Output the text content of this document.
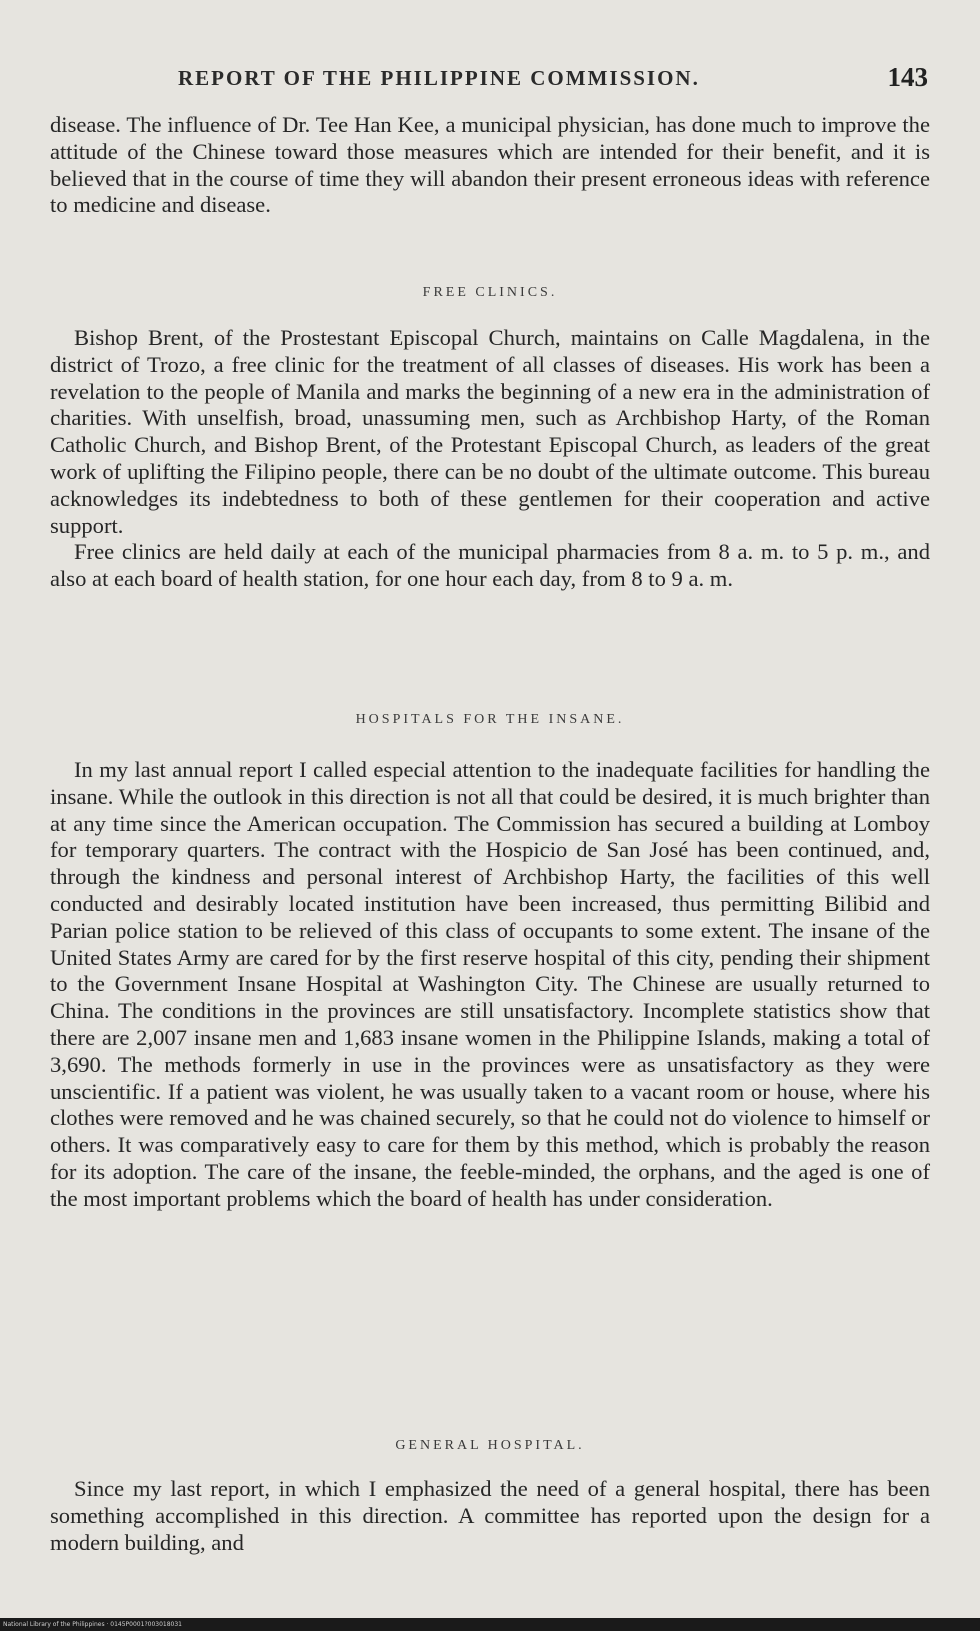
REPORT OF THE PHILIPPINE COMMISSION.	143

disease. The influence of Dr. Tee Han Kee, a municipal physician, has done much to improve the attitude of the Chinese toward those measures which are intended for their benefit, and it is believed that in the course of time they will abandon their present erroneous ideas with reference to medicine and disease.

FREE CLINICS.

Bishop Brent, of the Prostestant Episcopal Church, maintains on Calle Magdalena, in the district of Trozo, a free clinic for the treatment of all classes of diseases. His work has been a revelation to the people of Manila and marks the beginning of a new era in the administration of charities. With unselfish, broad, unassuming men, such as Archbishop Harty, of the Roman Catholic Church, and Bishop Brent, of the Protestant Episcopal Church, as leaders of the great work of uplifting the Filipino people, there can be no doubt of the ultimate outcome. This bureau acknowledges its indebtedness to both of these gentlemen for their cooperation and active support.

Free clinics are held daily at each of the municipal pharmacies from 8 a. m. to 5 p. m., and also at each board of health station, for one hour each day, from 8 to 9 a. m.

HOSPITALS FOR THE INSANE.

In my last annual report I called especial attention to the inadequate facilities for handling the insane. While the outlook in this direction is not all that could be desired, it is much brighter than at any time since the American occupation. The Commission has secured a building at Lomboy for temporary quarters. The contract with the Hospicio de San José has been continued, and, through the kindness and personal interest of Archbishop Harty, the facilities of this well conducted and desirably located institution have been increased, thus permitting Bilibid and Parian police station to be relieved of this class of occupants to some extent. The insane of the United States Army are cared for by the first reserve hospital of this city, pending their shipment to the Government Insane Hospital at Washington City. The Chinese are usually returned to China. The conditions in the provinces are still unsatisfactory. Incomplete statistics show that there are 2,007 insane men and 1,683 insane women in the Philippine Islands, making a total of 3,690. The methods formerly in use in the provinces were as unsatisfactory as they were unscientific. If a patient was violent, he was usually taken to a vacant room or house, where his clothes were removed and he was chained securely, so that he could not do violence to himself or others. It was comparatively easy to care for them by this method, which is probably the reason for its adoption. The care of the insane, the feeble-minded, the orphans, and the aged is one of the most important problems which the board of health has under consideration.

GENERAL HOSPITAL.

Since my last report, in which I emphasized the need of a general hospital, there has been something accomplished in this direction. A committee has reported upon the design for a modern building, and

National Library of the Philippines · 0145P0001?003018031
